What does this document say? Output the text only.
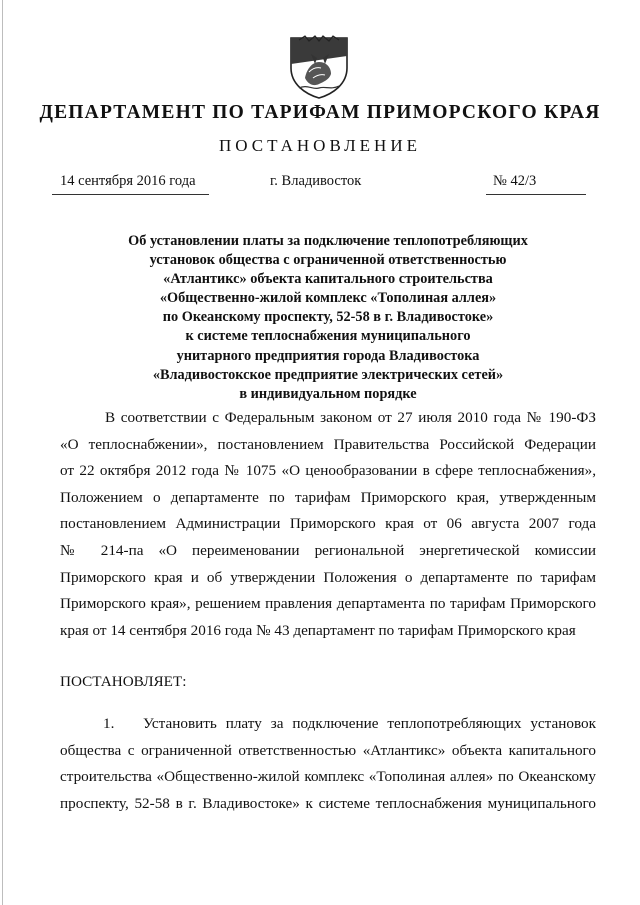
ДЕПАРТАМЕНТ ПО ТАРИФАМ ПРИМОРСКОГО КРАЯ
ПОСТАНОВЛЕНИЕ
14 сентября 2016 года	г. Владивосток	№ 42/3
Об установлении платы за подключение теплопотребляющих
установок общества с ограниченной ответственностью
«Атлантикс» объекта капитального строительства
«Общественно-жилой комплекс «Тополиная аллея»
по Океанскому проспекту, 52-58 в г. Владивостоке»
к системе теплоснабжения муниципального
унитарного предприятия города Владивостока
«Владивостокское предприятие электрических сетей»
в индивидуальном порядке
В соответствии с Федеральным законом от 27 июля 2010 года № 190-ФЗ
«О теплоснабжении», постановлением Правительства Российской Федерации
от 22 октября 2012 года № 1075 «О ценообразовании в сфере теплоснабжения»,
Положением о департаменте по тарифам Приморского края, утвержденным
постановлением Администрации Приморского края от 06 августа 2007 года
№ 214-па «О переименовании региональной энергетической комиссии
Приморского края и об утверждении Положения о департаменте по тарифам
Приморского края», решением правления департамента по тарифам Приморского
края от 14 сентября 2016 года № 43 департамент по тарифам Приморского края
ПОСТАНОВЛЯЕТ:
1. Установить плату за подключение теплопотребляющих установок
общества с ограниченной ответственностью «Атлантикс» объекта капитального
строительства «Общественно-жилой комплекс «Тополиная аллея» по Океанскому
проспекту, 52-58 в г. Владивостоке» к системе теплоснабжения муниципального
